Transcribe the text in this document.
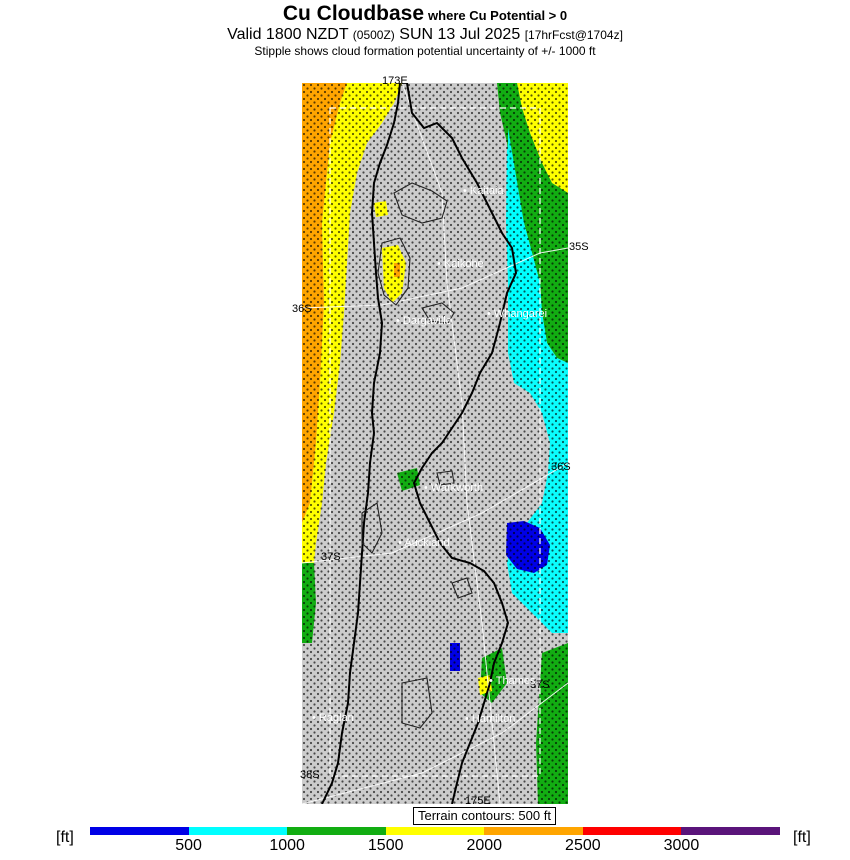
Cu Cloudbase where Cu Potential > 0
Valid 1800 NZDT (0500Z) SUN 13 Jul 2025 [17hrFcst@1704z]
Stipple shows cloud formation potential uncertainty of +/- 1000 ft
173E
175E
36S
37S
38S
35S
36S
37S
• Kaitaia
• Kaikohe
• Whangarei
• Dargaville
• Warkworth
• Auckland
• Thames
• Raglan	• Hamilton
Terrain contours: 500 ft
[ft]	[ft]
500	1000	1500	2000	2500	3000
